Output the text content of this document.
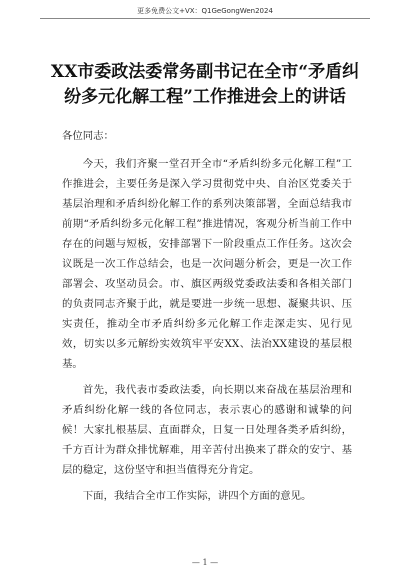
更多免费公文+VX：Q1GeGongWen2024
XX市委政法委常务副书记在全市“矛盾纠纷多元化解工程”工作推进会上的讲话

各位同志：

今天，我们齐聚一堂召开全市“矛盾纠纷多元化解工程”工作推进会，主要任务是深入学习贯彻党中央、自治区党委关于基层治理和矛盾纠纷化解工作的系列决策部署，全面总结我市前期“矛盾纠纷多元化解工程”推进情况，客观分析当前工作中存在的问题与短板，安排部署下一阶段重点工作任务。这次会议既是一次工作总结会，也是一次问题分析会，更是一次工作部署会、攻坚动员会。市、旗区两级党委政法委和各相关部门的负责同志齐聚于此，就是要进一步统一思想、凝聚共识、压实责任，推动全市矛盾纠纷多元化解工作走深走实、见行见效，切实以多元解纷实效筑牢平安XX、法治XX建设的基层根基。

首先，我代表市委政法委，向长期以来奋战在基层治理和矛盾纠纷化解一线的各位同志，表示衷心的感谢和诚挚的问候！大家扎根基层、直面群众，日复一日处理各类矛盾纠纷，千方百计为群众排忧解难，用辛苦付出换来了群众的安宁、基层的稳定，这份坚守和担当值得充分肯定。

下面，我结合全市工作实际，讲四个方面的意见。

— 1 —
